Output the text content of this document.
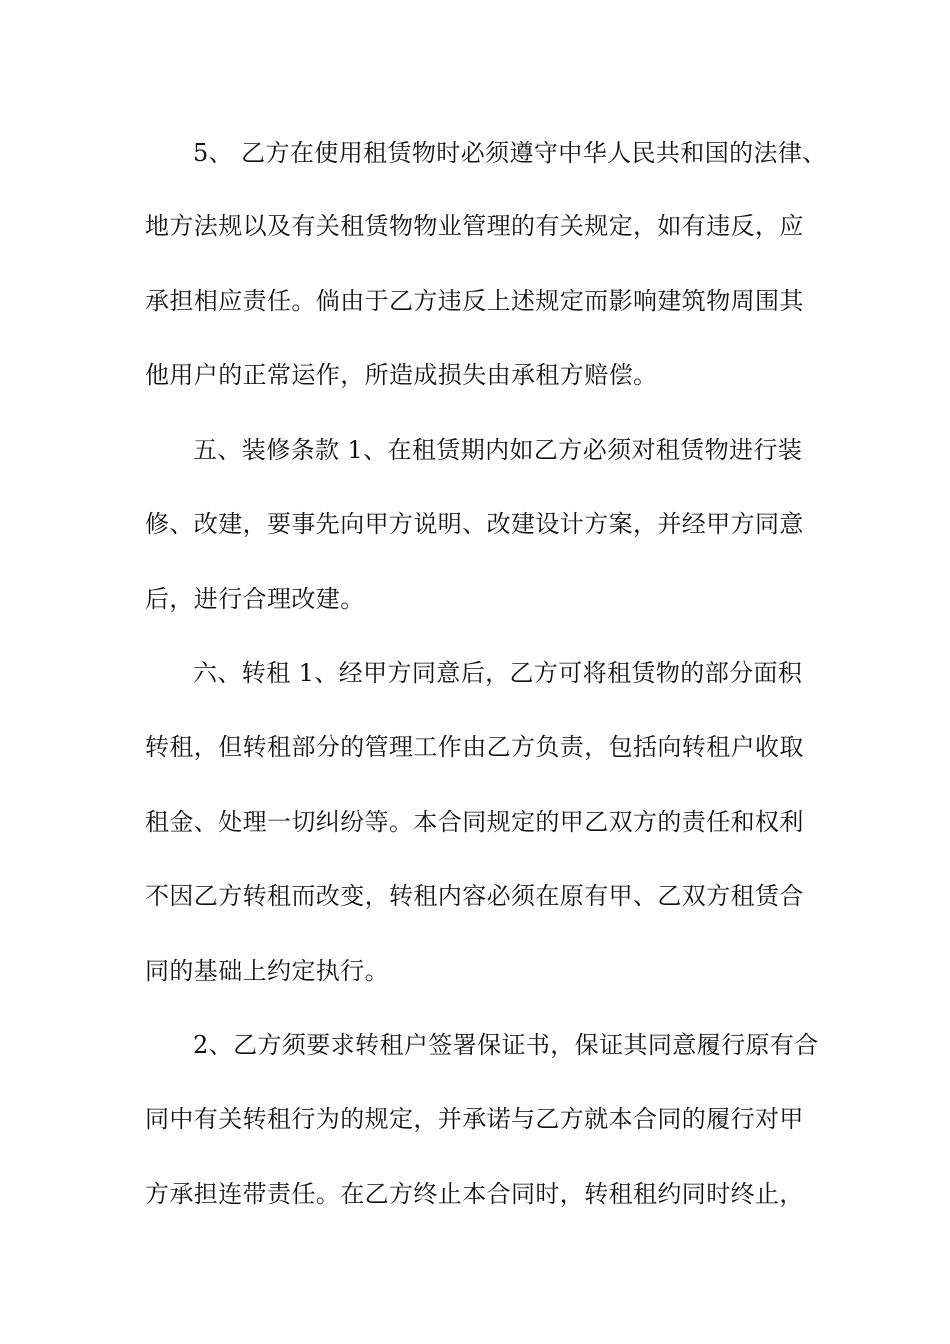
5、 乙方在使用租赁物时必须遵守中华人民共和国的法律、
地方法规以及有关租赁物物业管理的有关规定，如有违反，应
承担相应责任。倘由于乙方违反上述规定而影响建筑物周围其
他用户的正常运作，所造成损失由承租方赔偿。
五、装修条款 1、在租赁期内如乙方必须对租赁物进行装
修、改建，要事先向甲方说明、改建设计方案，并经甲方同意
后，进行合理改建。
六、转租 1、经甲方同意后，乙方可将租赁物的部分面积
转租，但转租部分的管理工作由乙方负责，包括向转租户收取
租金、处理一切纠纷等。本合同规定的甲乙双方的责任和权利
不因乙方转租而改变，转租内容必须在原有甲、乙双方租赁合
同的基础上约定执行。
2、乙方须要求转租户签署保证书，保证其同意履行原有合
同中有关转租行为的规定，并承诺与乙方就本合同的履行对甲
方承担连带责任。在乙方终止本合同时，转租租约同时终止，
